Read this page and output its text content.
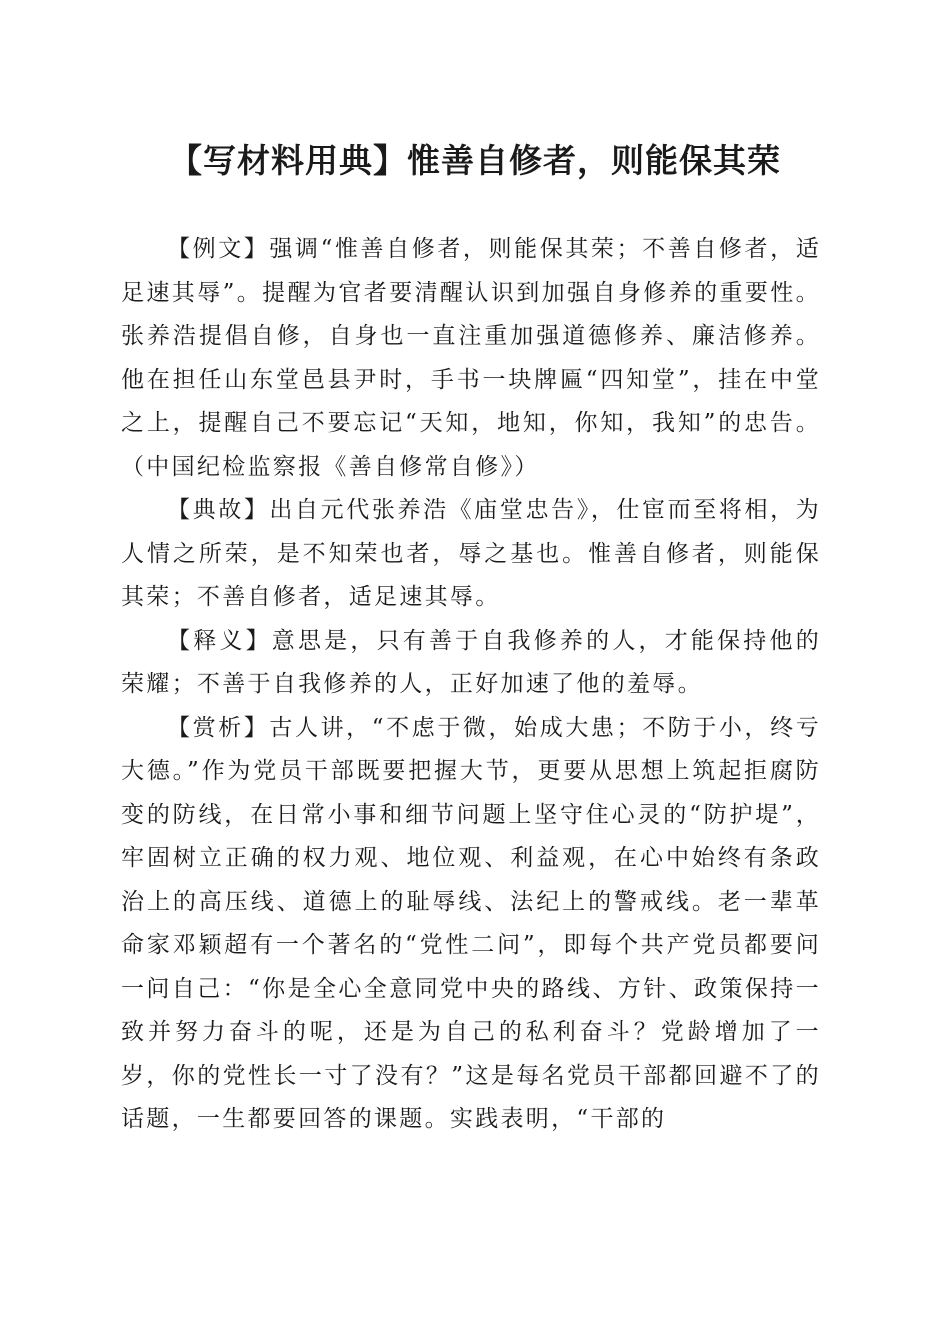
【写材料用典】惟善自修者，则能保其荣

【例文】强调“惟善自修者，则能保其荣；不善自修者，适足速其辱”。提醒为官者要清醒认识到加强自身修养的重要性。张养浩提倡自修，自身也一直注重加强道德修养、廉洁修养。他在担任山东堂邑县尹时，手书一块牌匾“四知堂”，挂在中堂之上，提醒自己不要忘记“天知，地知，你知，我知”的忠告。（中国纪检监察报《善自修常自修》）

【典故】出自元代张养浩《庙堂忠告》，仕宦而至将相，为人情之所荣，是不知荣也者，辱之基也。惟善自修者，则能保其荣；不善自修者，适足速其辱。

【释义】意思是，只有善于自我修养的人，才能保持他的荣耀；不善于自我修养的人，正好加速了他的羞辱。

【赏析】古人讲，“不虑于微，始成大患；不防于小，终亏大德。”作为党员干部既要把握大节，更要从思想上筑起拒腐防变的防线，在日常小事和细节问题上坚守住心灵的“防护堤”，牢固树立正确的权力观、地位观、利益观，在心中始终有条政治上的高压线、道德上的耻辱线、法纪上的警戒线。老一辈革命家邓颖超有一个著名的“党性二问”，即每个共产党员都要问一问自己：“你是全心全意同党中央的路线、方针、政策保持一致并努力奋斗的呢，还是为自己的私利奋斗？党龄增加了一岁，你的党性长一寸了没有？”这是每名党员干部都回避不了的话题，一生都要回答的课题。实践表明，“干部的
